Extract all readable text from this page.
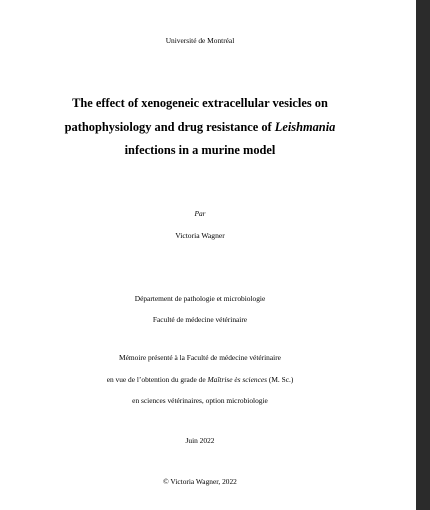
Université de Montréal

The effect of xenogeneic extracellular vesicles on

pathophysiology and drug resistance of Leishmania

infections in a murine model

Par

Victoria Wagner

Département de pathologie et microbiologie

Faculté de médecine vétérinaire

Mémoire présenté à la Faculté de médecine vétérinaire

en vue de l’obtention du grade de Maîtrise ès sciences (M. Sc.)

en sciences vétérinaires, option microbiologie

Juin 2022

© Victoria Wagner, 2022
